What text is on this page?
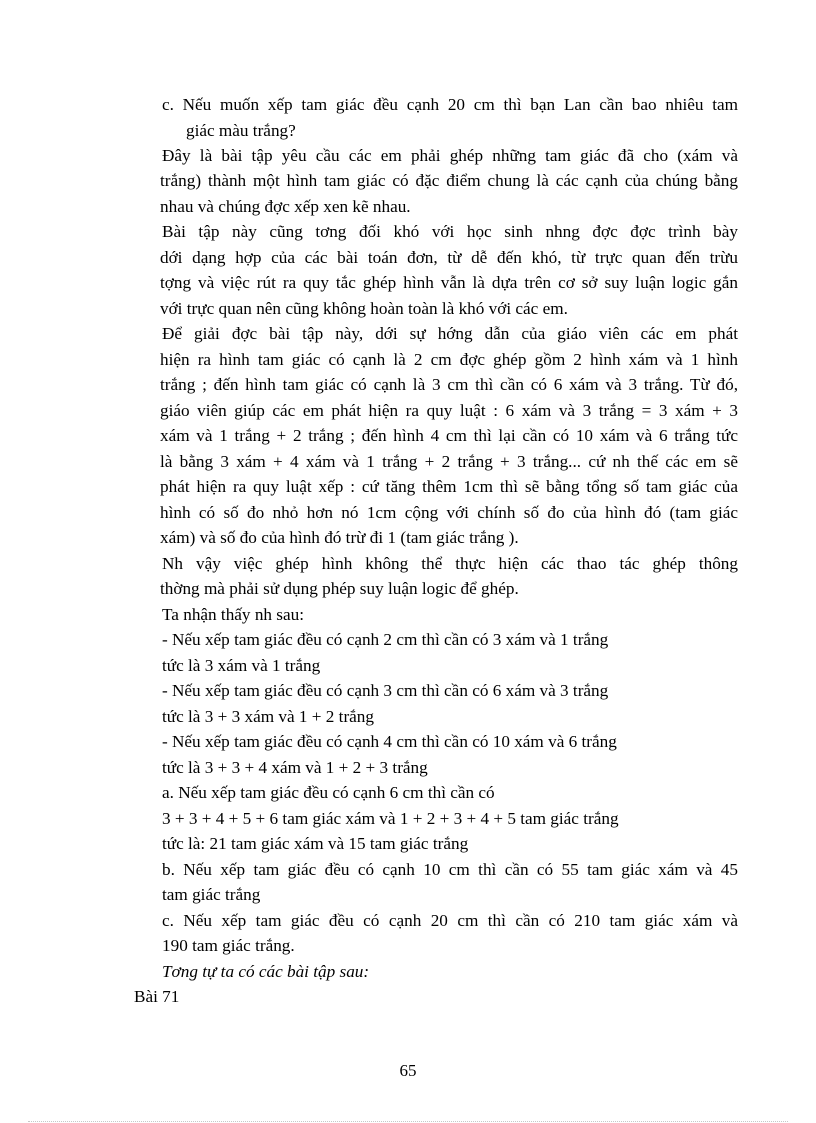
c. Nếu muốn xếp tam giác đều cạnh 20 cm thì bạn Lan cần bao nhiêu tam

giác màu trắng?

Đây là bài tập yêu cầu các em phải ghép những tam giác đã cho (xám và

trắng) thành một hình tam giác có đặc điểm chung là các cạnh của chúng bằng

nhau và chúng đợc xếp xen kẽ nhau.

Bài tập này cũng tơng đối khó với học sinh nhng đợc đợc trình bày

dới dạng hợp của các bài toán đơn, từ dễ đến khó, từ trực quan đến trừu

tợng và việc rút ra quy tắc ghép hình vẫn là dựa trên cơ sở suy luận logic gắn

với trực quan nên cũng không hoàn toàn là khó với các em.

Để giải đợc bài tập này, dới sự hớng dẫn của giáo viên các em phát

hiện ra hình tam giác có cạnh là 2 cm đợc ghép gồm 2 hình xám và 1 hình

trắng ; đến hình tam giác có cạnh là 3 cm thì cần có 6 xám và 3 trắng. Từ đó,

giáo viên giúp các em phát hiện ra quy luật : 6 xám và 3 trắng = 3 xám + 3

xám và 1 trắng + 2 trắng ; đến hình 4 cm thì lại cần có 10 xám và 6 trắng tức

là bằng 3 xám + 4 xám và 1 trắng + 2 trắng + 3 trắng... cứ nh thế các em sẽ

phát hiện ra quy luật xếp : cứ tăng thêm 1cm thì sẽ bằng tổng số tam giác của

hình có số đo nhỏ hơn nó 1cm cộng với chính số đo của hình đó (tam giác

xám) và số đo của hình đó trừ đi 1 (tam giác trắng ).

Nh vậy việc ghép hình không thể thực hiện các thao tác ghép thông

thờng mà phải sử dụng phép suy luận logic để ghép.

Ta nhận thấy nh sau:

- Nếu xếp tam giác đều có cạnh 2 cm thì cần có 3 xám và 1 trắng

tức là 3 xám và 1 trắng

- Nếu xếp tam giác đều có cạnh 3 cm thì cần có 6 xám và 3 trắng

tức là 3 + 3 xám và 1 + 2 trắng

- Nếu xếp tam giác đều có cạnh 4 cm thì cần có 10 xám và 6 trắng

tức là 3 + 3 + 4 xám và 1 + 2 + 3 trắng

a. Nếu xếp tam giác đều có cạnh 6 cm thì cần có

3 + 3 + 4 + 5 + 6 tam giác xám và 1 + 2 + 3 + 4 + 5 tam giác trắng

tức là: 21 tam giác xám và 15 tam giác trắng

b. Nếu xếp tam giác đều có cạnh 10 cm thì cần có 55 tam giác xám và 45

tam giác trắng

c. Nếu xếp tam giác đều có cạnh 20 cm thì cần có 210 tam giác xám và

190 tam giác trắng.

Tơng tự ta có các bài tập sau:

Bài 71

65
